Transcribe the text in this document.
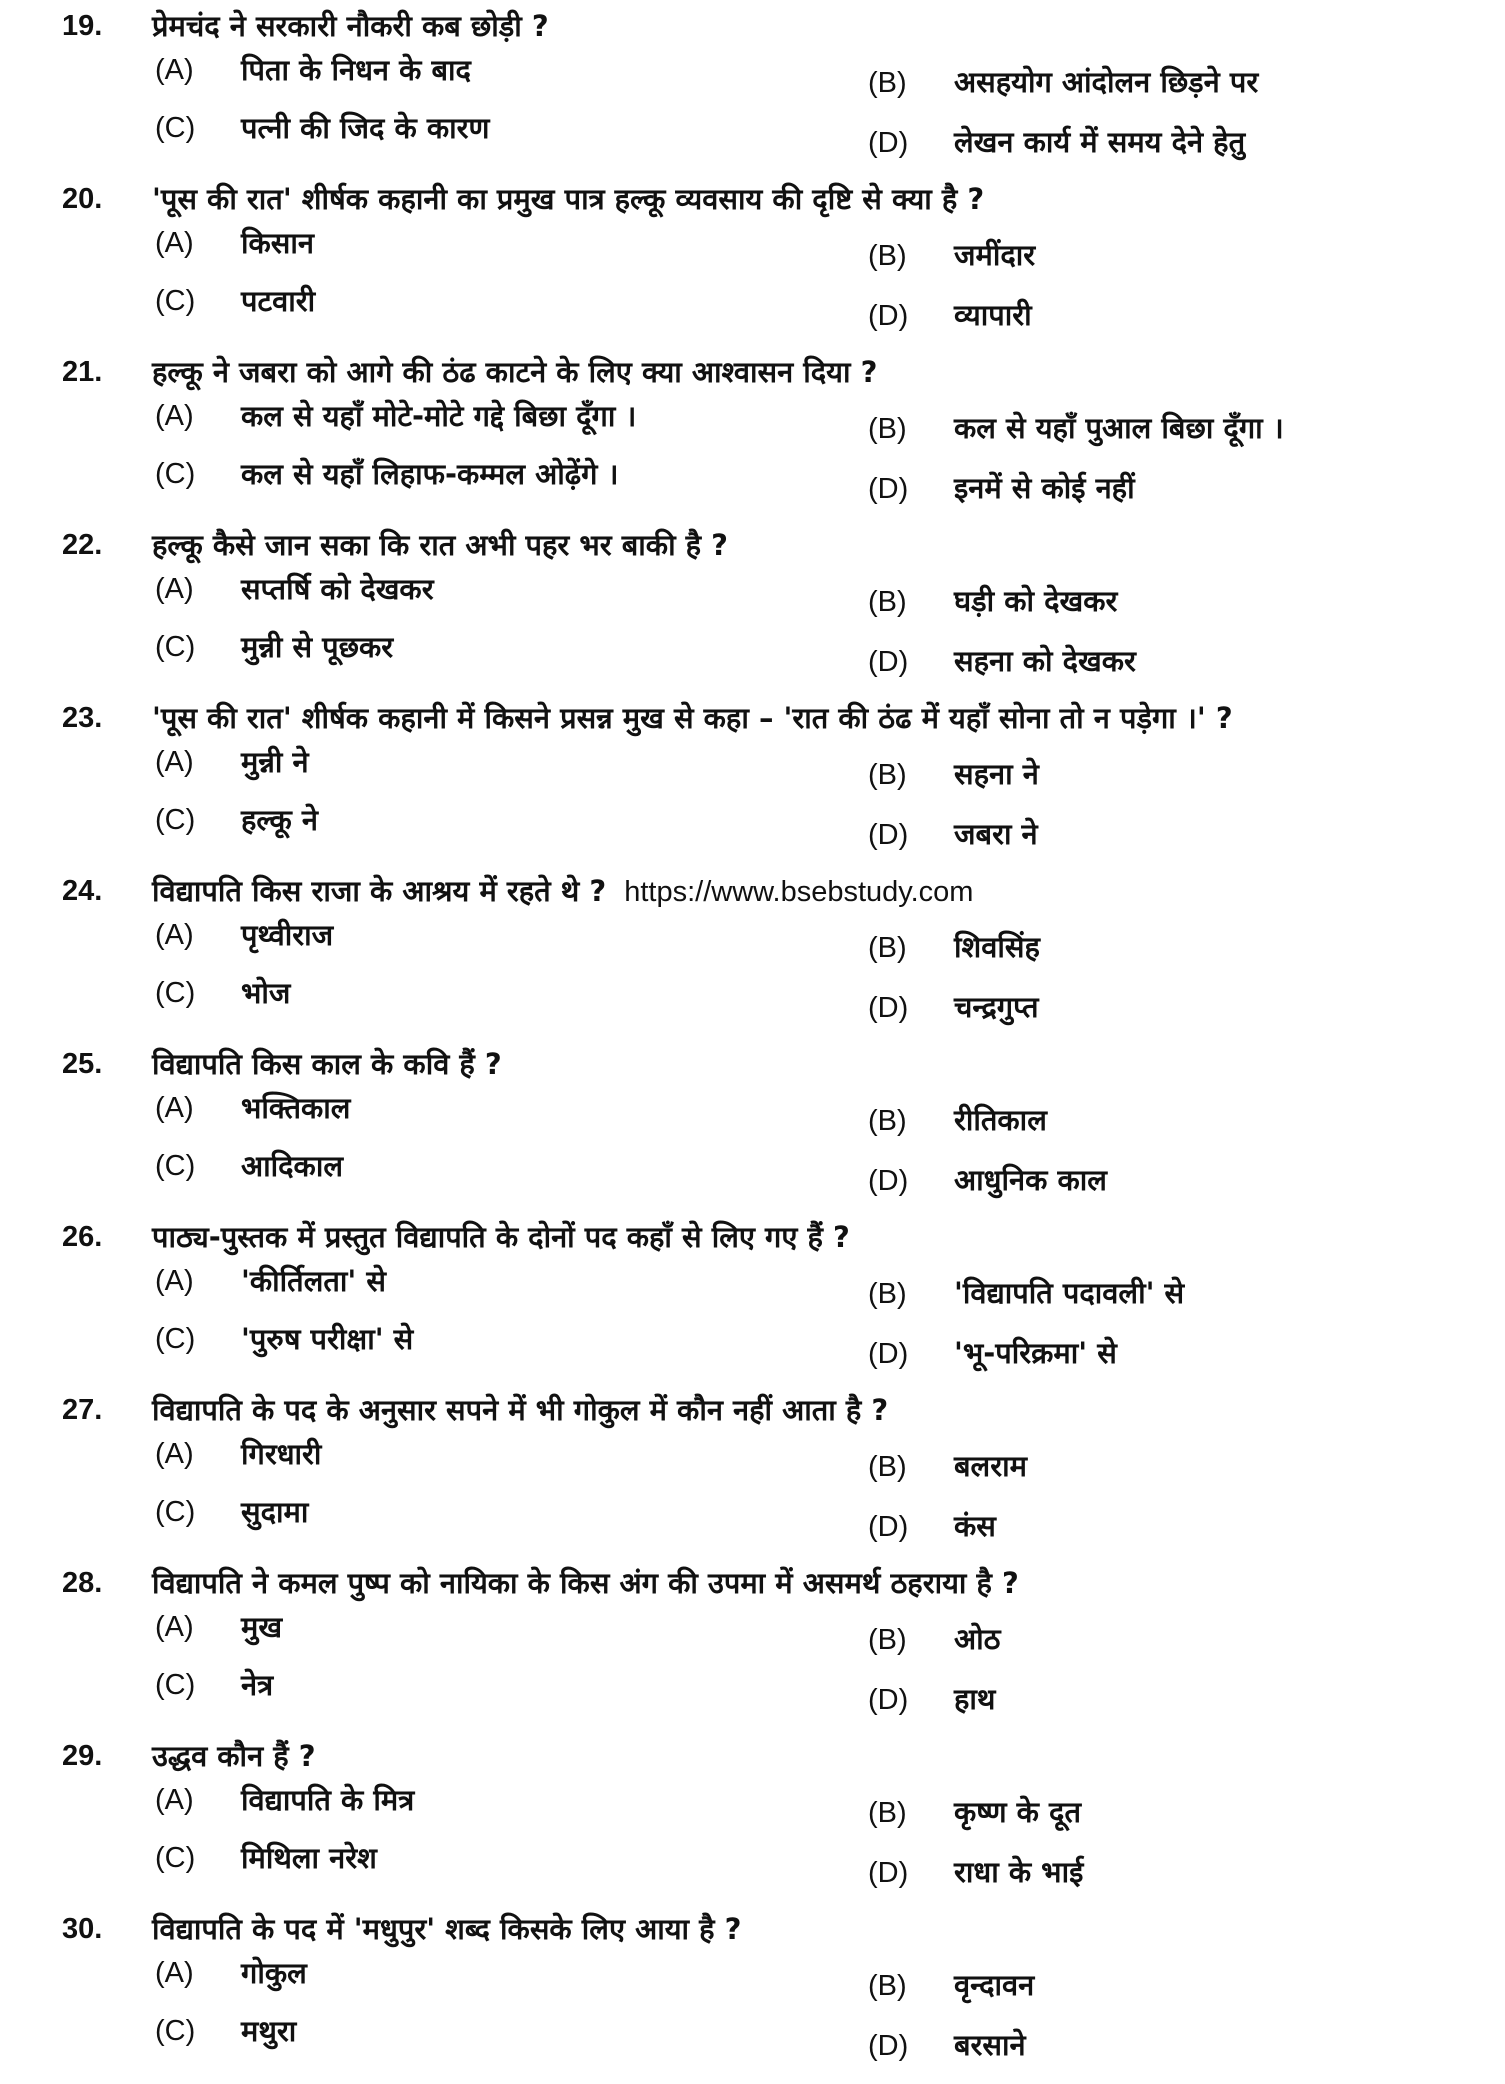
19. प्रेमचंद ने सरकारी नौकरी कब छोड़ी ?
(A) पिता के निधन के बाद	(B) असहयोग आंदोलन छिड़ने पर
(C) पत्नी की जिद के कारण	(D) लेखन कार्य में समय देने हेतु
20. 'पूस की रात' शीर्षक कहानी का प्रमुख पात्र हल्कू व्यवसाय की दृष्टि से क्या है ?
(A) किसान	(B) जमींदार
(C) पटवारी	(D) व्यापारी
21. हल्कू ने जबरा को आगे की ठंढ काटने के लिए क्या आश्वासन दिया ?
(A) कल से यहाँ मोटे-मोटे गद्दे बिछा दूँगा ।	(B) कल से यहाँ पुआल बिछा दूँगा ।
(C) कल से यहाँ लिहाफ-कम्मल ओढ़ेंगे ।	(D) इनमें से कोई नहीं
22. हल्कू कैसे जान सका कि रात अभी पहर भर बाकी है ?
(A) सप्तर्षि को देखकर	(B) घड़ी को देखकर
(C) मुन्नी से पूछकर	(D) सहना को देखकर
23. 'पूस की रात' शीर्षक कहानी में किसने प्रसन्न मुख से कहा – 'रात की ठंढ में यहाँ सोना तो न पड़ेगा ।' ?
(A) मुन्नी ने	(B) सहना ने
(C) हल्कू ने	(D) जबरा ने
24. विद्यापति किस राजा के आश्रय में रहते थे ? https://www.bsebstudy.com
(A) पृथ्वीराज	(B) शिवसिंह
(C) भोज	(D) चन्द्रगुप्त
25. विद्यापति किस काल के कवि हैं ?
(A) भक्तिकाल	(B) रीतिकाल
(C) आदिकाल	(D) आधुनिक काल
26. पाठ्य-पुस्तक में प्रस्तुत विद्यापति के दोनों पद कहाँ से लिए गए हैं ?
(A) 'कीर्तिलता' से	(B) 'विद्यापति पदावली' से
(C) 'पुरुष परीक्षा' से	(D) 'भू-परिक्रमा' से
27. विद्यापति के पद के अनुसार सपने में भी गोकुल में कौन नहीं आता है ?
(A) गिरधारी	(B) बलराम
(C) सुदामा	(D) कंस
28. विद्यापति ने कमल पुष्प को नायिका के किस अंग की उपमा में असमर्थ ठहराया है ?
(A) मुख	(B) ओठ
(C) नेत्र	(D) हाथ
29. उद्धव कौन हैं ?
(A) विद्यापति के मित्र	(B) कृष्ण के दूत
(C) मिथिला नरेश	(D) राधा के भाई
30. विद्यापति के पद में 'मधुपुर' शब्द किसके लिए आया है ?
(A) गोकुल	(B) वृन्दावन
(C) मथुरा	(D) बरसाने
